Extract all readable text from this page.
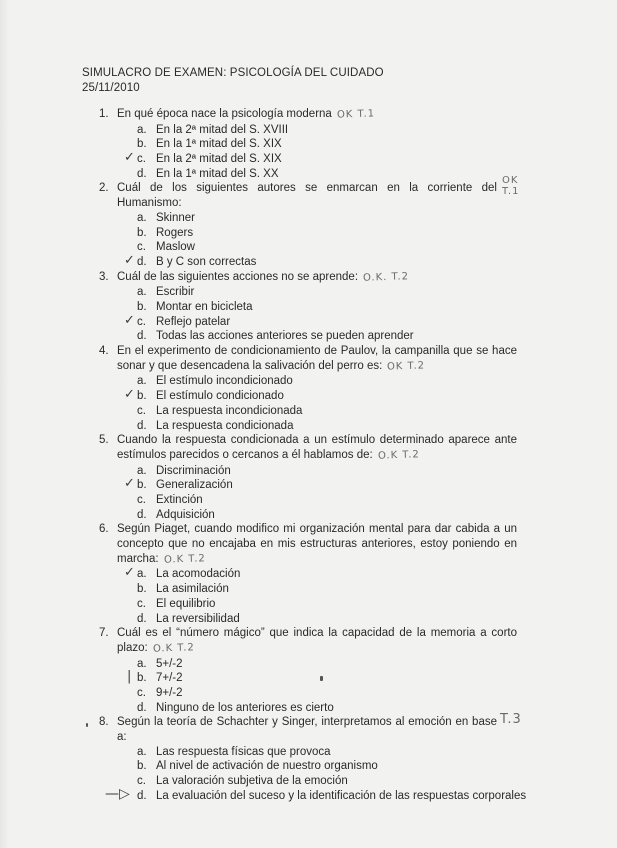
SIMULACRO DE EXAMEN: PSICOLOGÍA DEL CUIDADO
25/11/2010
1. En qué época nace la psicología moderna OK T.1
a. En la 2ª mitad del S. XVIII
b. En la 1ª mitad del S. XIX
✓ c. En la 2ª mitad del S. XIX
d. En la 1ª mitad del S. XX
2. Cuál de los siguientes autores se enmarcan en la corriente del Humanismo:
OK T.1
a. Skinner
b. Rogers
c. Maslow
✓ d. B y C son correctas
3. Cuál de las siguientes acciones no se aprende: O.K. T.2
a. Escribir
b. Montar en bicicleta
✓ c. Reflejo patelar
d. Todas las acciones anteriores se pueden aprender
4. En el experimento de condicionamiento de Paulov, la campanilla que se hace sonar y que desencadena la salivación del perro es: OK T.2
a. El estímulo incondicionado
✓ b. El estímulo condicionado
c. La respuesta incondicionada
d. La respuesta condicionada
5. Cuando la respuesta condicionada a un estímulo determinado aparece ante estímulos parecidos o cercanos a él hablamos de: O.K T.2
a. Discriminación
✓ b. Generalización
c. Extinción
d. Adquisición
6. Según Piaget, cuando modifico mi organización mental para dar cabida a un concepto que no encajaba en mis estructuras anteriores, estoy poniendo en marcha: O.K T.2
✓ a. La acomodación
b. La asimilación
c. El equilibrio
d. La reversibilidad
7. Cuál es el “número mágico” que indica la capacidad de la memoria a corto plazo: O.K T.2
a. 5+/-2
| b. 7+/-2
c. 9+/-2
d. Ninguno de los anteriores es cierto
8. Según la teoría de Schachter y Singer, interpretamos al emoción en base a:
T.3
a. Las respuesta físicas que provoca
b. Al nivel de activación de nuestro organismo
c. La valoración subjetiva de la emoción
—▷ d. La evaluación del suceso y la identificación de las respuestas corporales
